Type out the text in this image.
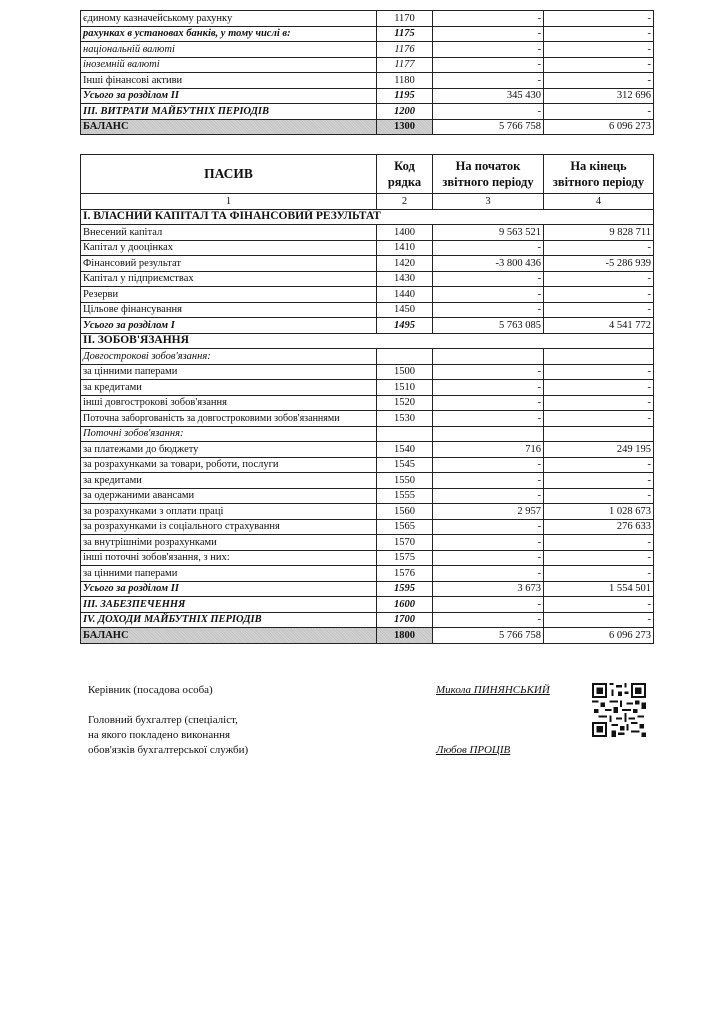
єдиному казначейському рахунку	1170	-	-
рахунках в установах банків, у тому числі в:	1175	-	-
національній валюті	1176	-	-
іноземній валюті	1177	-	-
Інші фінансові активи	1180	-	-
Усього за розділом II	1195	345 430	312 696
III. ВИТРАТИ МАЙБУТНІХ ПЕРІОДІВ	1200	-	-
БАЛАНС	1300	5 766 758	6 096 273
ПАСИВ	Код рядка	На початок звітного періоду	На кінець звітного періоду
1	2	3	4
І. ВЛАСНИЙ КАПІТАЛ ТА ФІНАНСОВИЙ РЕЗУЛЬТАТ			
Внесений капітал	1400	9 563 521	9 828 711
Капітал у дооцінках	1410	-	-
Фінансовий результат	1420	-3 800 436	-5 286 939
Капітал у підприємствах	1430	-	-
Резерви	1440	-	-
Цільове фінансування	1450	-	-
Усього за розділом І	1495	5 763 085	4 541 772
ІІ. ЗОБОВ'ЯЗАННЯ			
Довгострокові зобов'язання:			
за цінними паперами	1500	-	-
за кредитами	1510	-	-
інші довгострокові зобов'язання	1520	-	-
Поточна заборгованість за довгостроковими зобов'язаннями	1530	-	-
Поточні зобов'язання:			
за платежами до бюджету	1540	716	249 195
за розрахунками за товари, роботи, послуги	1545	-	-
за кредитами	1550	-	-
за одержаними авансами	1555	-	-
за розрахунками з оплати праці	1560	2 957	1 028 673
за розрахунками із соціального страхування	1565	-	276 633
за внутрішніми розрахунками	1570	-	-
інші поточні зобов'язання, з них:	1575	-	-
за цінними паперами	1576	-	-
Усього за розділом ІІ	1595	3 673	1 554 501
ІІІ. ЗАБЕЗПЕЧЕННЯ	1600	-	-
IV. ДОХОДИ МАЙБУТНІХ ПЕРІОДІВ	1700	-	-
БАЛАНС	1800	5 766 758	6 096 273
Керівник (посадова особа)	Микола ПИНЯНСЬКИЙ
Головний бухгалтер (спеціаліст,
на якого покладено виконання
обов'язків бухгалтерської служби)	Любов ПРОЦІВ
